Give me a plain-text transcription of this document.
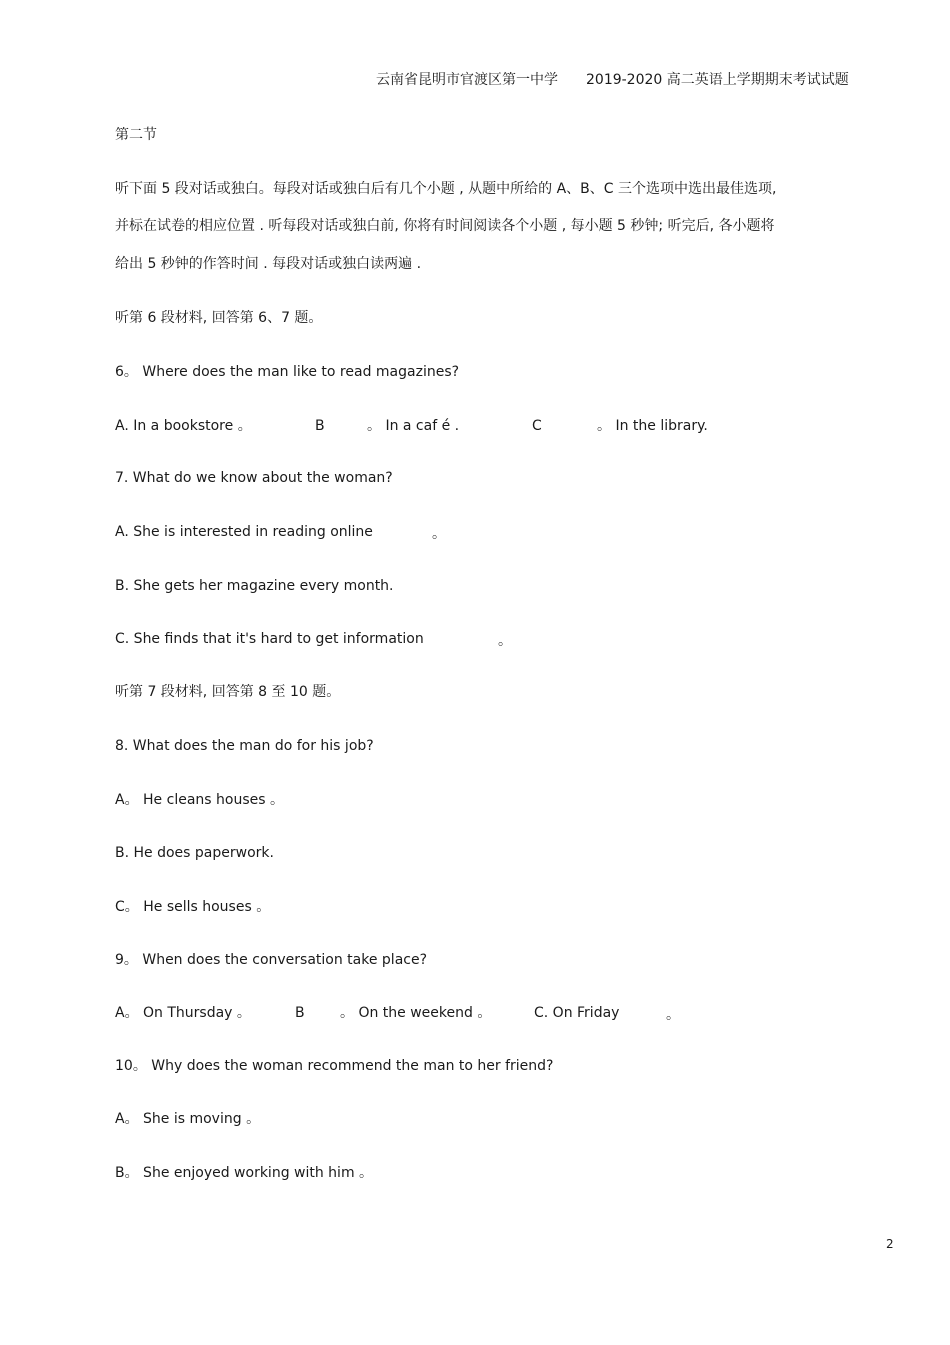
云南省昆明市官渡区第一中学 2019-2020 高二英语上学期期末考试试题

第二节

听下面 5 段对话或独白。每段对话或独白后有几个小题 , 从题中所给的 A、B、C 三个选项中选出最佳选项,

并标在试卷的相应位置 . 听每段对话或独白前, 你将有时间阅读各个小题 , 每小题 5 秒钟; 听完后, 各小题将

给出 5 秒钟的作答时间 . 每段对话或独白读两遍 .

听第 6 段材料, 回答第 6、7 题。

6。 Where does the man like to read magazines?

A. In a bookstore 。	B	。 In a caf é .	C	。 In the library.

7. What do we know about the woman?

A. She is interested in reading online	。

B. She gets her magazine every month.

C. She finds that it's hard to get information	。

听第 7 段材料, 回答第 8 至 10 题。

8. What does the man do for his job?

A。 He cleans houses 。

B. He does paperwork.

C。 He sells houses 。

9。 When does the conversation take place?

A。 On Thursday 。	B	。 On the weekend 。	C. On Friday	。

10。 Why does the woman recommend the man to her friend?

A。 She is moving 。

B。 She enjoyed working with him 。

2
